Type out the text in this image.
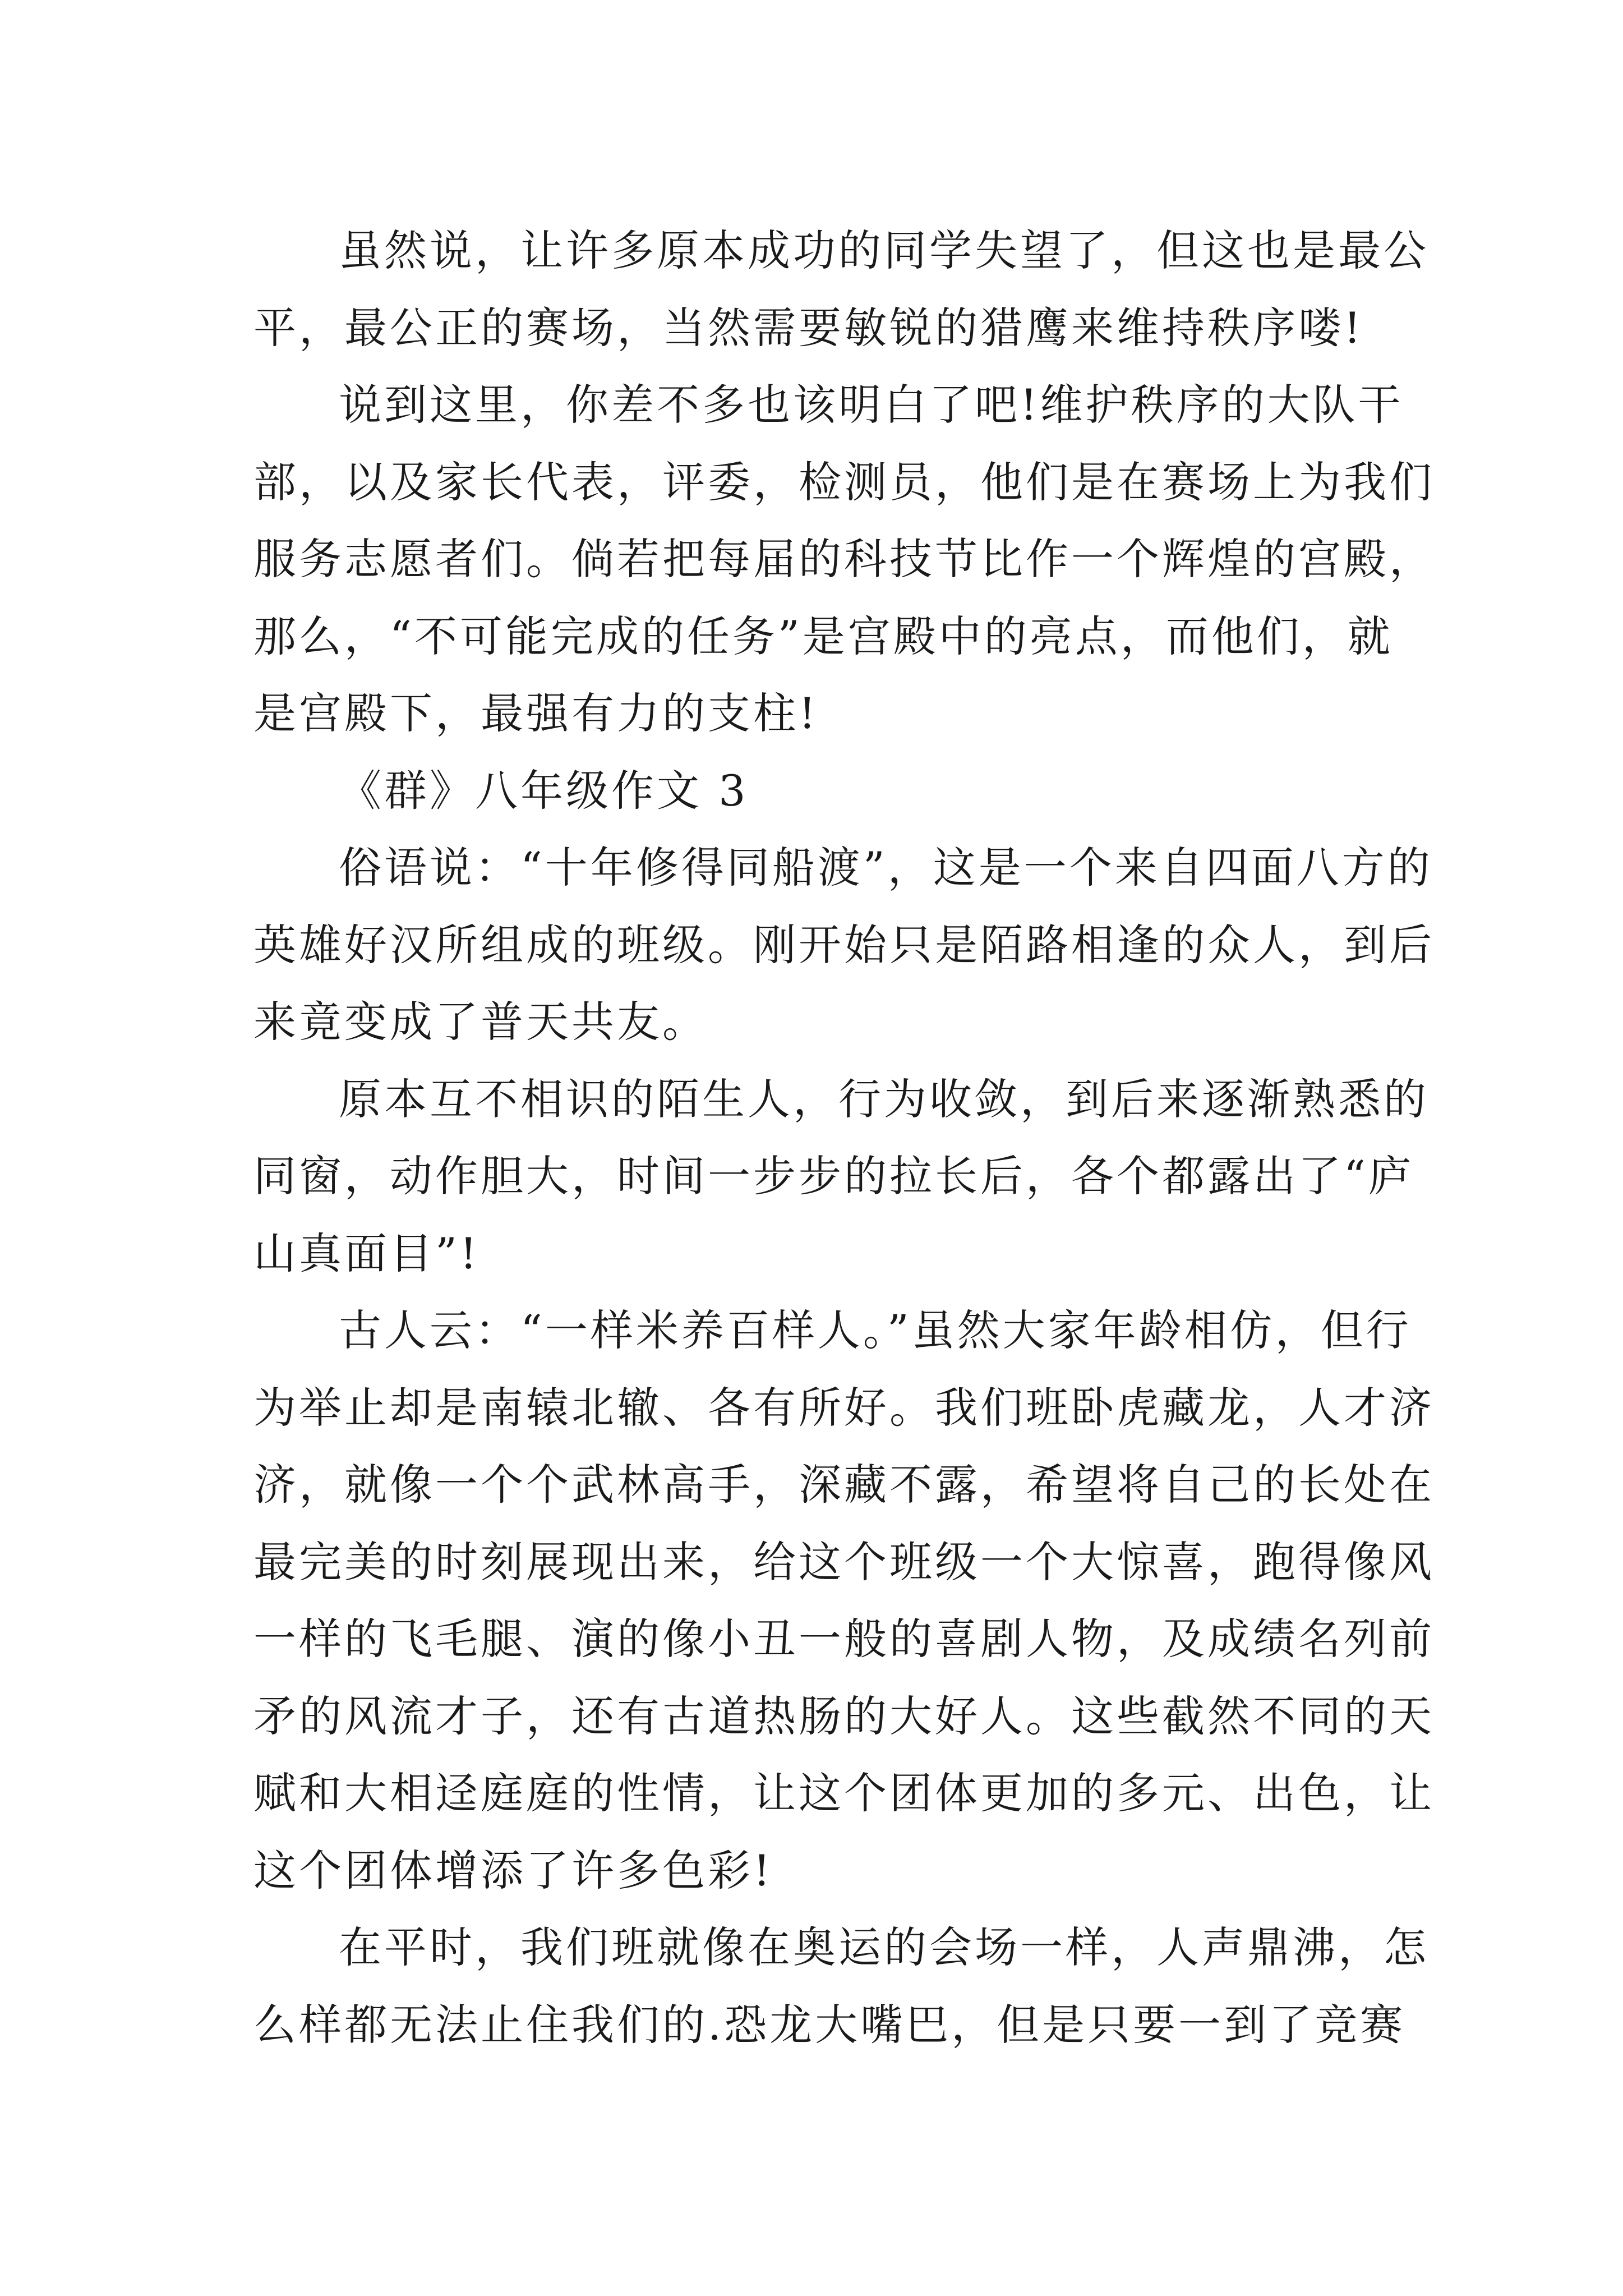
虽然说，让许多原本成功的同学失望了，但这也是最公
平，最公正的赛场，当然需要敏锐的猎鹰来维持秩序喽!
说到这里，你差不多也该明白了吧!维护秩序的大队干
部，以及家长代表，评委，检测员，他们是在赛场上为我们
服务志愿者们。倘若把每届的科技节比作一个辉煌的宫殿，
那么，“不可能完成的任务”是宫殿中的亮点，而他们，就
是宫殿下，最强有力的支柱!
《群》八年级作文 3
俗语说：“十年修得同船渡”，这是一个来自四面八方的
英雄好汉所组成的班级。刚开始只是陌路相逢的众人，到后
来竟变成了普天共友。
原本互不相识的陌生人，行为收敛，到后来逐渐熟悉的
同窗，动作胆大，时间一步步的拉长后，各个都露出了“庐
山真面目”!
古人云：“一样米养百样人。”虽然大家年龄相仿，但行
为举止却是南辕北辙、各有所好。我们班卧虎藏龙，人才济
济，就像一个个武林高手，深藏不露，希望将自己的长处在
最完美的时刻展现出来，给这个班级一个大惊喜，跑得像风
一样的飞毛腿、演的像小丑一般的喜剧人物，及成绩名列前
矛的风流才子，还有古道热肠的大好人。这些截然不同的天
赋和大相迳庭庭的性情，让这个团体更加的多元、出色，让
这个团体增添了许多色彩!
在平时，我们班就像在奥运的会场一样，人声鼎沸，怎
么样都无法止住我们的.恐龙大嘴巴，但是只要一到了竞赛
